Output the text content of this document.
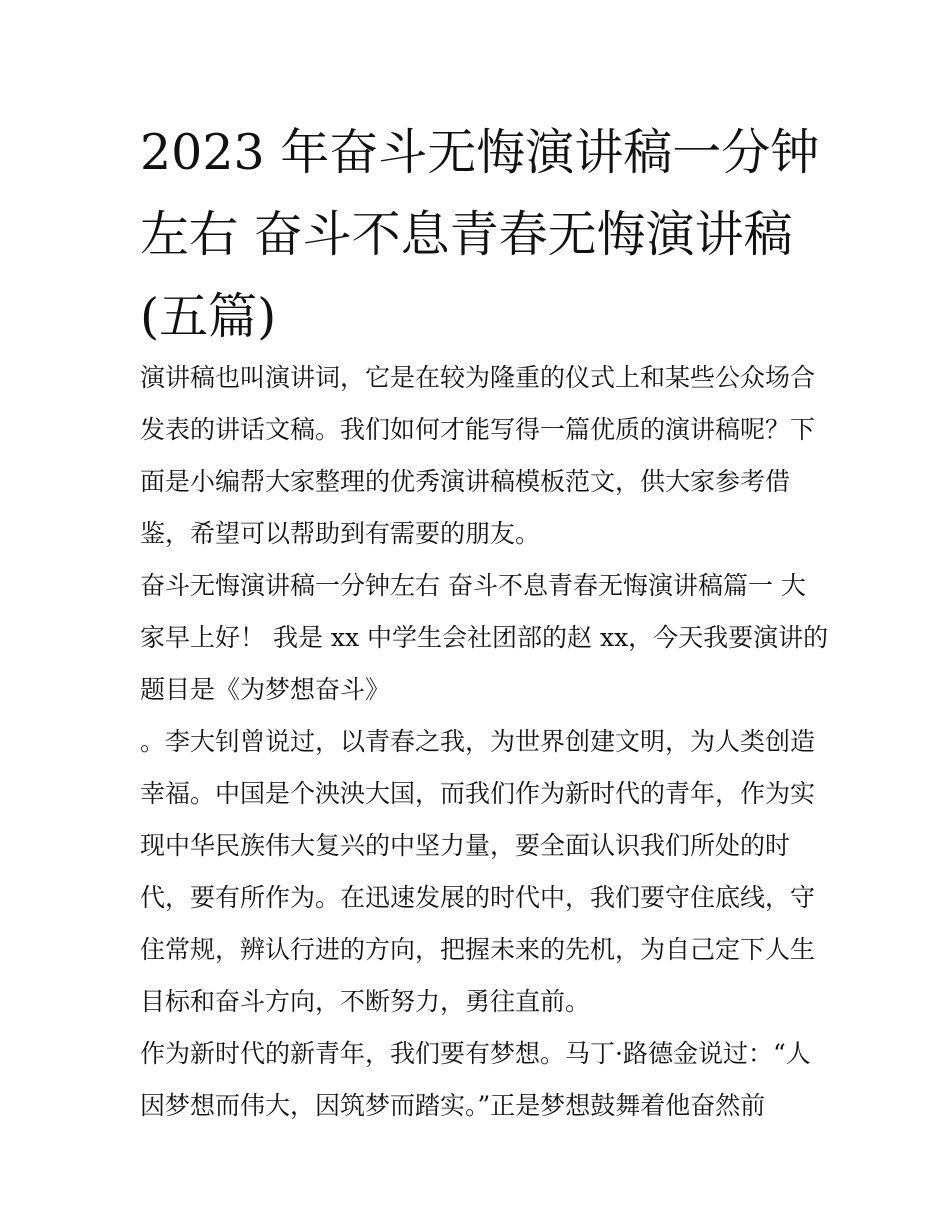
2023 年奋斗无悔演讲稿一分钟
左右 奋斗不息青春无悔演讲稿
(五篇)

演讲稿也叫演讲词，它是在较为隆重的仪式上和某些公众场合
发表的讲话文稿。我们如何才能写得一篇优质的演讲稿呢？下
面是小编帮大家整理的优秀演讲稿模板范文，供大家参考借
鉴，希望可以帮助到有需要的朋友。

奋斗无悔演讲稿一分钟左右 奋斗不息青春无悔演讲稿篇一 大
家早上好！ 我是 xx 中学生会社团部的赵 xx，今天我要演讲的
题目是《为梦想奋斗》

。李大钊曾说过，以青春之我，为世界创建文明，为人类创造
幸福。中国是个泱泱大国，而我们作为新时代的青年，作为实
现中华民族伟大复兴的中坚力量，要全面认识我们所处的时
代，要有所作为。在迅速发展的时代中，我们要守住底线，守
住常规，辨认行进的方向，把握未来的先机，为自己定下人生
目标和奋斗方向，不断努力，勇往直前。

作为新时代的新青年，我们要有梦想。马丁·路德金说过：“人
因梦想而伟大，因筑梦而踏实。”正是梦想鼓舞着他奋然前
